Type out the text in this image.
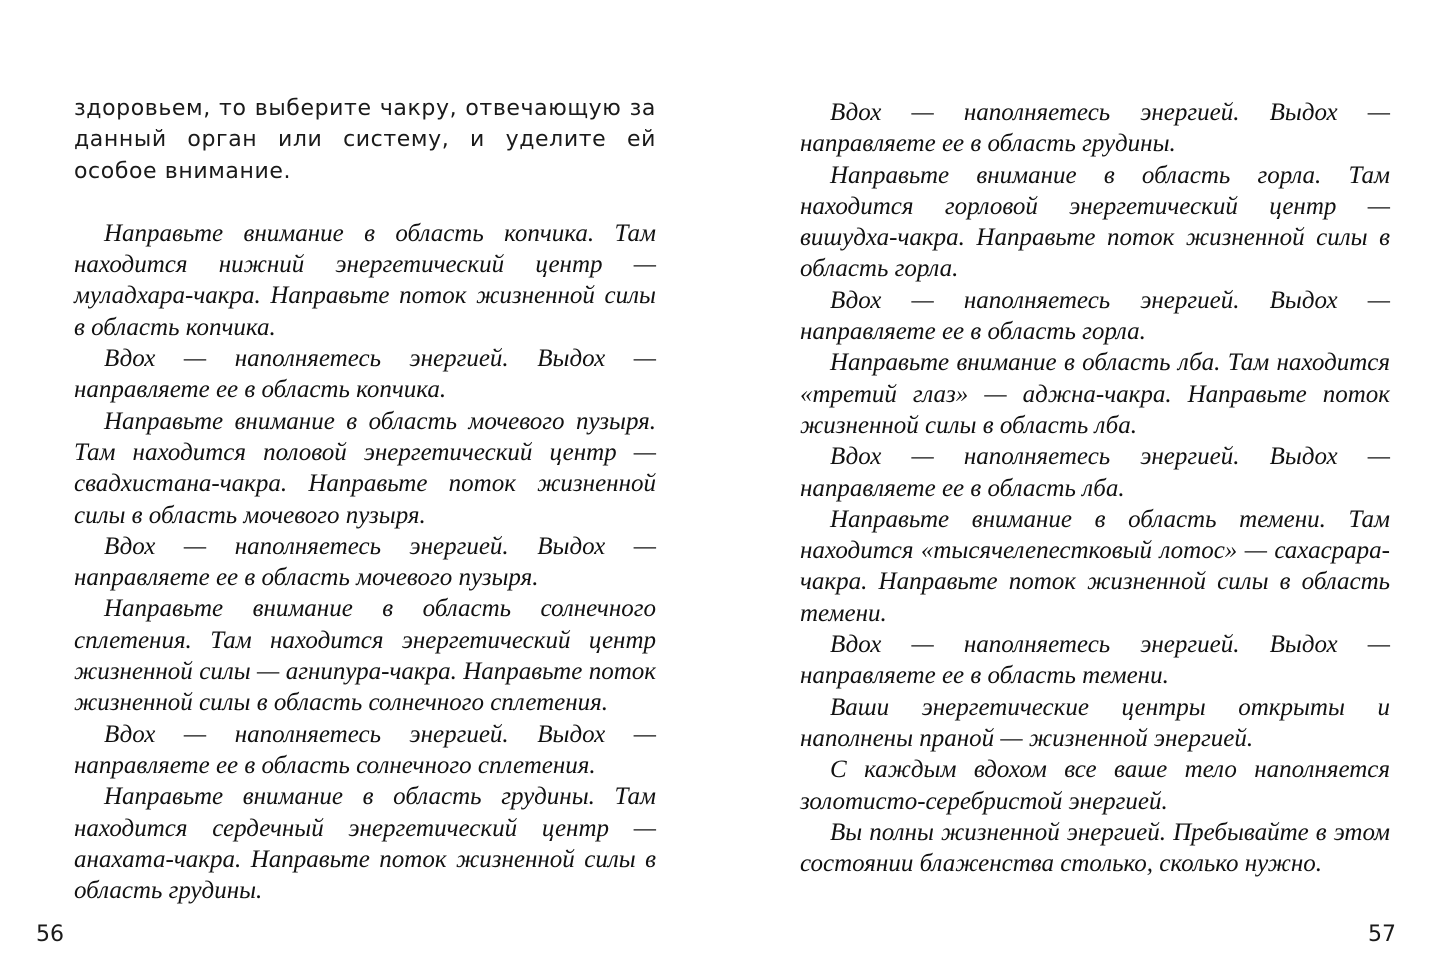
здоровьем, то выберите чакру, отвечающую за данный орган или систему, и уделите ей особое внимание.

Направьте внимание в область копчика. Там находится нижний энергетический центр — муладхара-чакра. Направьте поток жизненной силы в область копчика.

Вдох — наполняетесь энергией. Выдох — направляете ее в область копчика.

Направьте внимание в область мочевого пузыря. Там находится половой энергетический центр — свадхистана-чакра. Направьте поток жизненной силы в область мочевого пузыря.

Вдох — наполняетесь энергией. Выдох — направляете ее в область мочевого пузыря.

Направьте внимание в область солнечного сплетения. Там находится энергетический центр жизненной силы — агнипура-чакра. Направьте поток жизненной силы в область солнечного сплетения.

Вдох — наполняетесь энергией. Выдох — направляете ее в область солнечного сплетения.

Направьте внимание в область грудины. Там находится сердечный энергетический центр — анахата-чакра. Направьте поток жизненной силы в область грудины.

56

Вдох — наполняетесь энергией. Выдох — направляете ее в область грудины.

Направьте внимание в область горла. Там находится горловой энергетический центр — вишудха-чакра. Направьте поток жизненной силы в область горла.

Вдох — наполняетесь энергией. Выдох — направляете ее в область горла.

Направьте внимание в область лба. Там находится «третий глаз» — аджна-чакра. Направьте поток жизненной силы в область лба.

Вдох — наполняетесь энергией. Выдох — направляете ее в область лба.

Направьте внимание в область темени. Там находится «тысячелепестковый лотос» — сахасрара-чакра. Направьте поток жизненной силы в область темени.

Вдох — наполняетесь энергией. Выдох — направляете ее в область темени.

Ваши энергетические центры открыты и наполнены праной — жизненной энергией.

С каждым вдохом все ваше тело наполняется золотисто-серебристой энергией.

Вы полны жизненной энергией. Пребывайте в этом состоянии блаженства столько, сколько нужно.

57
